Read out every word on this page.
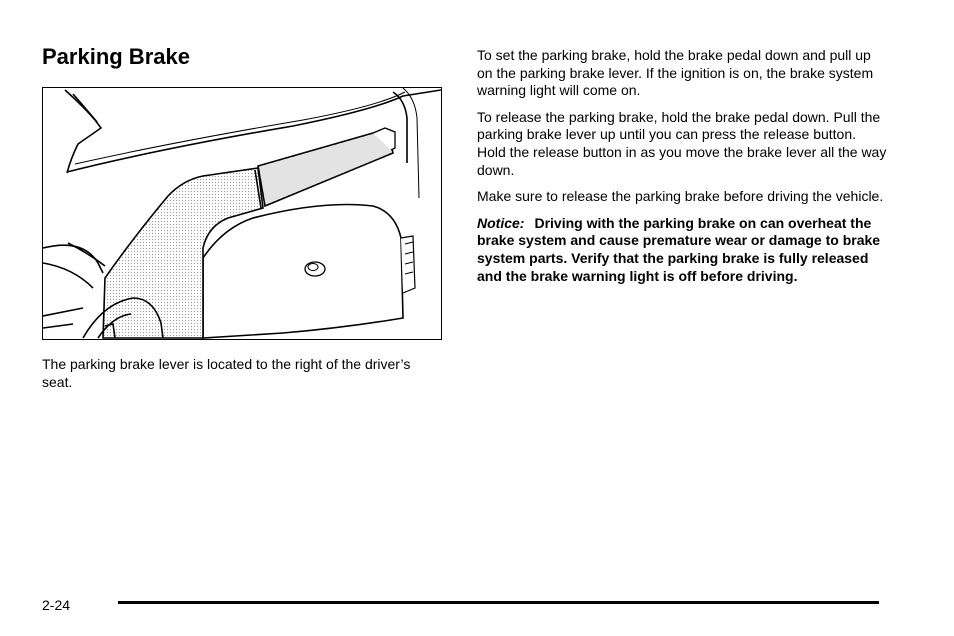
Parking Brake

The parking brake lever is located to the right of the driver’s seat.

To set the parking brake, hold the brake pedal down and pull up on the parking brake lever. If the ignition is on, the brake system warning light will come on.

To release the parking brake, hold the brake pedal down. Pull the parking brake lever up until you can press the release button. Hold the release button in as you move the brake lever all the way down.

Make sure to release the parking brake before driving the vehicle.

Notice: Driving with the parking brake on can overheat the brake system and cause premature wear or damage to brake system parts. Verify that the parking brake is fully released and the brake warning light is off before driving.

2-24
